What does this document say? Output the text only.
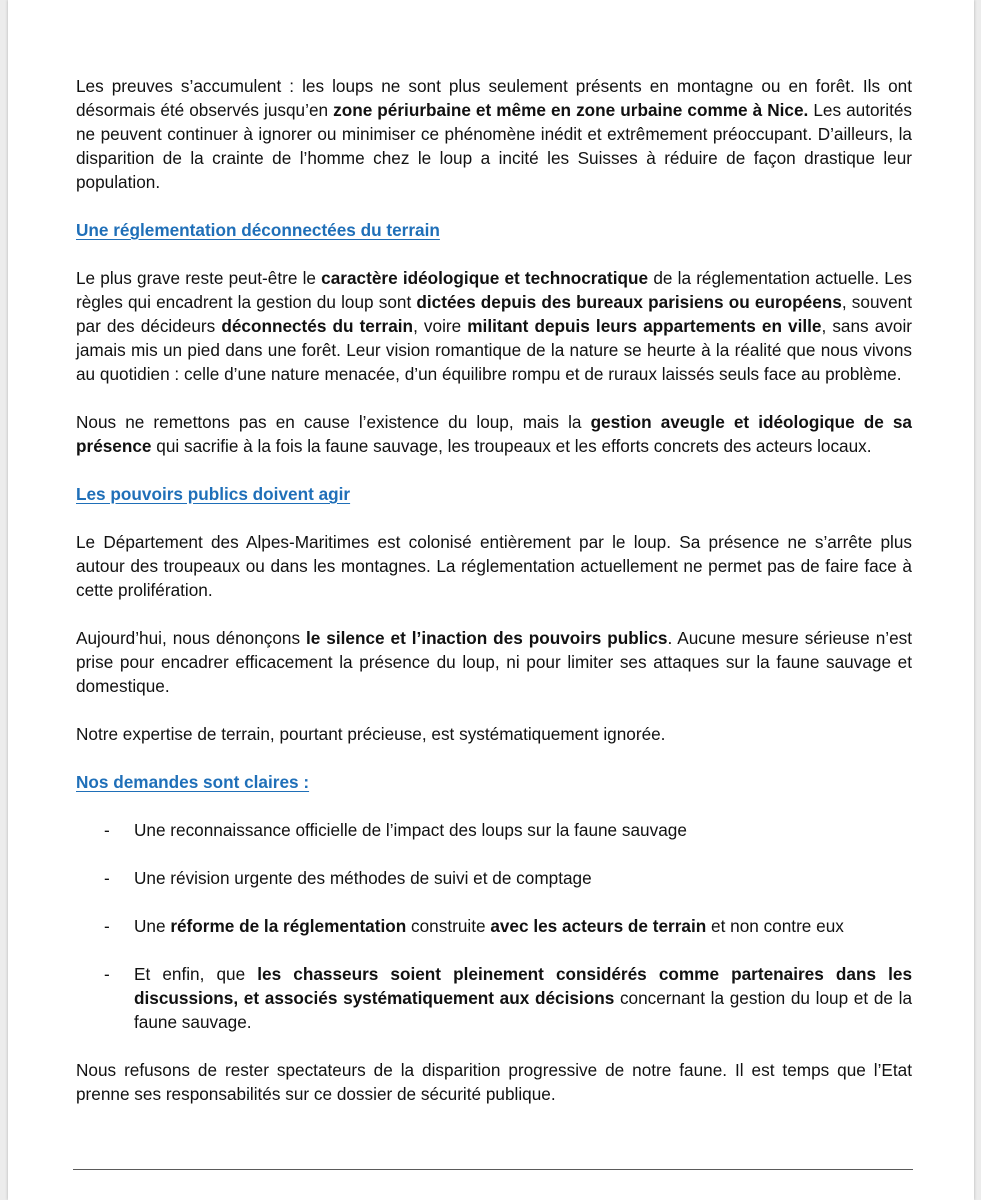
Les preuves s’accumulent : les loups ne sont plus seulement présents en montagne ou en forêt. Ils ont désormais été observés jusqu’en zone périurbaine et même en zone urbaine comme à Nice. Les autorités ne peuvent continuer à ignorer ou minimiser ce phénomène inédit et extrêmement préoccupant. D’ailleurs, la disparition de la crainte de l’homme chez le loup a incité les Suisses à réduire de façon drastique leur population.

Une réglementation déconnectées du terrain

Le plus grave reste peut-être le caractère idéologique et technocratique de la réglementation actuelle. Les règles qui encadrent la gestion du loup sont dictées depuis des bureaux parisiens ou européens, souvent par des décideurs déconnectés du terrain, voire militant depuis leurs appartements en ville, sans avoir jamais mis un pied dans une forêt. Leur vision romantique de la nature se heurte à la réalité que nous vivons au quotidien : celle d’une nature menacée, d’un équilibre rompu et de ruraux laissés seuls face au problème.

Nous ne remettons pas en cause l’existence du loup, mais la gestion aveugle et idéologique de sa présence qui sacrifie à la fois la faune sauvage, les troupeaux et les efforts concrets des acteurs locaux.

Les pouvoirs publics doivent agir

Le Département des Alpes-Maritimes est colonisé entièrement par le loup. Sa présence ne s’arrête plus autour des troupeaux ou dans les montagnes. La réglementation actuellement ne permet pas de faire face à cette prolifération.

Aujourd’hui, nous dénonçons le silence et l’inaction des pouvoirs publics. Aucune mesure sérieuse n’est prise pour encadrer efficacement la présence du loup, ni pour limiter ses attaques sur la faune sauvage et domestique.

Notre expertise de terrain, pourtant précieuse, est systématiquement ignorée.

Nos demandes sont claires :
- Une reconnaissance officielle de l’impact des loups sur la faune sauvage
- Une révision urgente des méthodes de suivi et de comptage
- Une réforme de la réglementation construite avec les acteurs de terrain et non contre eux
- Et enfin, que les chasseurs soient pleinement considérés comme partenaires dans les discussions, et associés systématiquement aux décisions concernant la gestion du loup et de la faune sauvage.

Nous refusons de rester spectateurs de la disparition progressive de notre faune. Il est temps que l’Etat prenne ses responsabilités sur ce dossier de sécurité publique.
